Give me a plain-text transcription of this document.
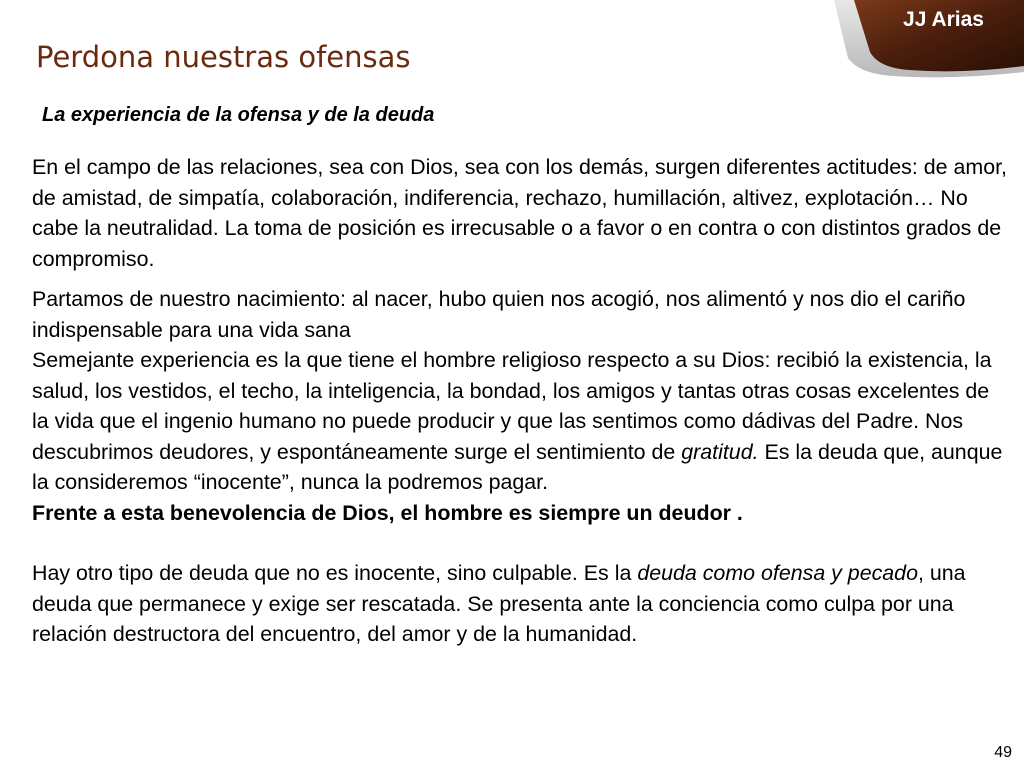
JJ Arias
Perdona nuestras ofensas
La experiencia de la ofensa y de la deuda

En el campo de las relaciones, sea con Dios, sea con los demás, surgen diferentes actitudes: de amor, de amistad, de simpatía, colaboración, indiferencia, rechazo, humillación, altivez, explotación… No cabe la neutralidad. La toma de posición es irrecusable o a favor o en contra o con distintos grados de compromiso.

Partamos de nuestro nacimiento: al nacer, hubo quien nos acogió, nos alimentó y nos dio el cariño indispensable para una vida sana

Semejante experiencia es la que tiene el hombre religioso respecto a su Dios: recibió la existencia, la salud, los vestidos, el techo, la inteligencia, la bondad, los amigos y tantas otras cosas excelentes de la vida que el ingenio humano no puede producir y que las sentimos como dádivas del Padre. Nos descubrimos deudores, y espontáneamente surge el sentimiento de gratitud. Es la deuda que, aunque la consideremos “inocente”, nunca la podremos pagar.

Frente a esta benevolencia de Dios, el hombre es siempre un deudor .

Hay otro tipo de deuda que no es inocente, sino culpable. Es la deuda como ofensa y pecado, una deuda que permanece y exige ser rescatada. Se presenta ante la conciencia como culpa por una relación destructora del encuentro, del amor y de la humanidad.

49
